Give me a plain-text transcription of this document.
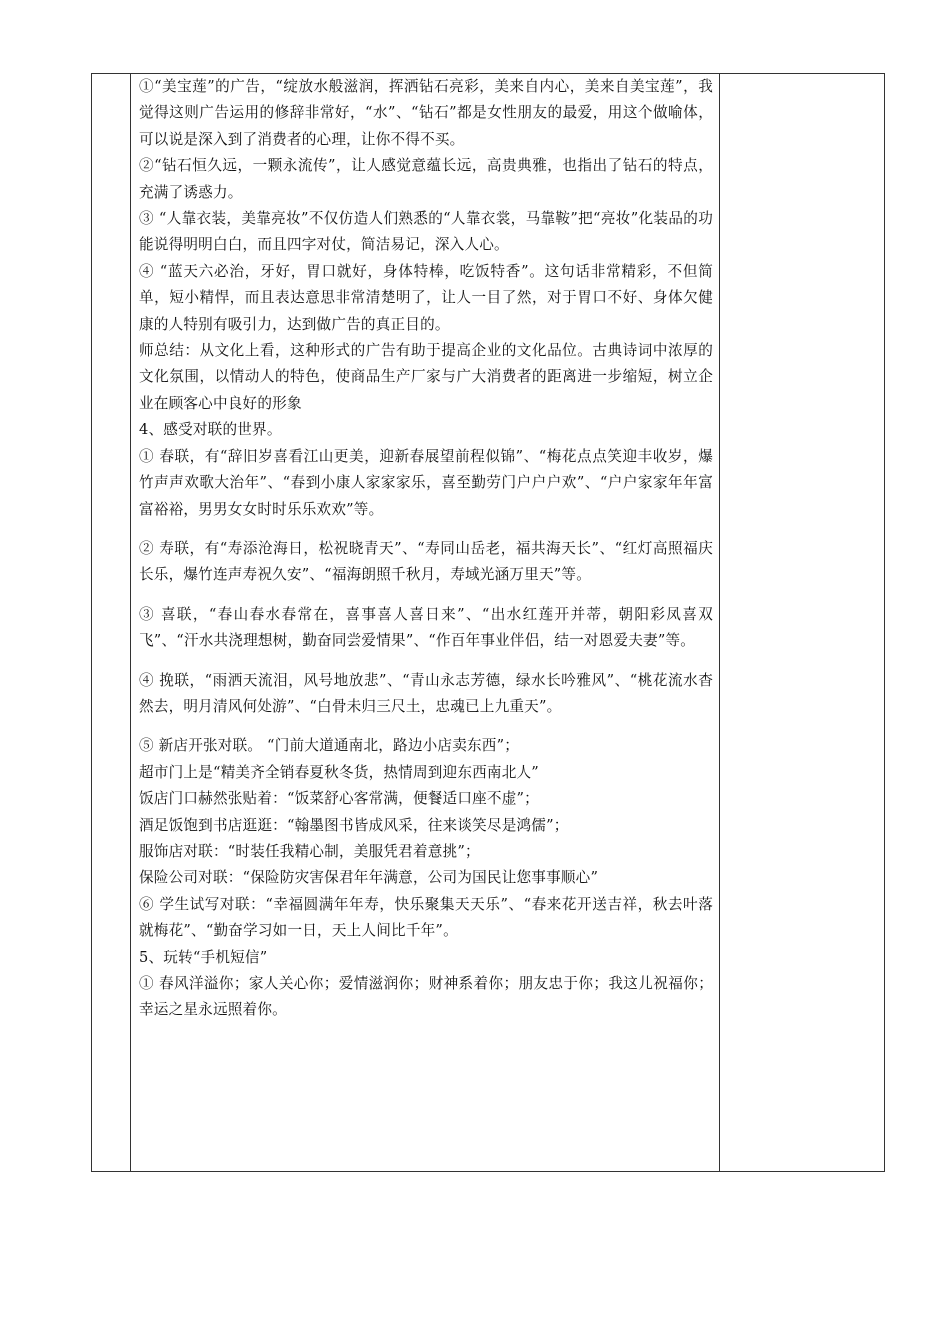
①“美宝莲”的广告，“绽放水般滋润，挥洒钻石亮彩，美来自内心，美来自美宝莲”，我觉得这则广告运用的修辞非常好，“水”、“钻石”都是女性朋友的最爱，用这个做喻体，可以说是深入到了消费者的心理，让你不得不买。

②“钻石恒久远，一颗永流传”，让人感觉意蕴长远，高贵典雅，也指出了钻石的特点，充满了诱惑力。

③ “人靠衣装，美靠亮妆”不仅仿造人们熟悉的“人靠衣裳，马靠鞍”把“亮妆”化装品的功能说得明明白白，而且四字对仗，简洁易记，深入人心。

④ “蓝天六必治，牙好，胃口就好，身体特棒，吃饭特香”。这句话非常精彩，不但简单，短小精悍，而且表达意思非常清楚明了，让人一目了然，对于胃口不好、身体欠健康的人特别有吸引力，达到做广告的真正目的。

师总结：从文化上看，这种形式的广告有助于提高企业的文化品位。古典诗词中浓厚的文化氛围，以情动人的特色，使商品生产厂家与广大消费者的距离进一步缩短，树立企业在顾客心中良好的形象

4、感受对联的世界。

① 春联，有“辞旧岁喜看江山更美，迎新春展望前程似锦”、“梅花点点笑迎丰收岁，爆竹声声欢歌大治年”、“春到小康人家家家乐，喜至勤劳门户户户欢”、“户户家家年年富富裕裕，男男女女时时乐乐欢欢”等。

② 寿联，有“寿添沧海日，松祝晓青天”、“寿同山岳老，福共海天长”、“红灯高照福庆长乐，爆竹连声寿祝久安”、“福海朗照千秋月，寿域光涵万里天”等。

③ 喜联，“春山春水春常在，喜事喜人喜日来”、“出水红莲开并蒂，朝阳彩凤喜双飞”、“汗水共浇理想树，勤奋同尝爱情果”、“作百年事业伴侣，结一对恩爱夫妻”等。

④ 挽联，“雨洒天流泪，风号地放悲”、“青山永志芳德，绿水长吟雅风”、“桃花流水杳然去，明月清风何处游”、“白骨未归三尺土，忠魂已上九重天”。

⑤ 新店开张对联。 “门前大道通南北，路边小店卖东西”；

超市门上是“精美齐全销春夏秋冬货，热情周到迎东西南北人”

饭店门口赫然张贴着：“饭菜舒心客常满，便餐适口座不虚”；

酒足饭饱到书店逛逛：“翰墨图书皆成风采，往来谈笑尽是鸿儒”；

服饰店对联：“时装任我精心制，美服凭君着意挑”；

保险公司对联：“保险防灾害保君年年满意，公司为国民让您事事顺心”

⑥ 学生试写对联：“幸福圆满年年寿，快乐聚集天天乐”、“春来花开送吉祥，秋去叶落就梅花”、“勤奋学习如一日，天上人间比千年”。

5、玩转“手机短信”

① 春风洋溢你；家人关心你；爱情滋润你；财神系着你；朋友忠于你；我这儿祝福你；幸运之星永远照着你。
